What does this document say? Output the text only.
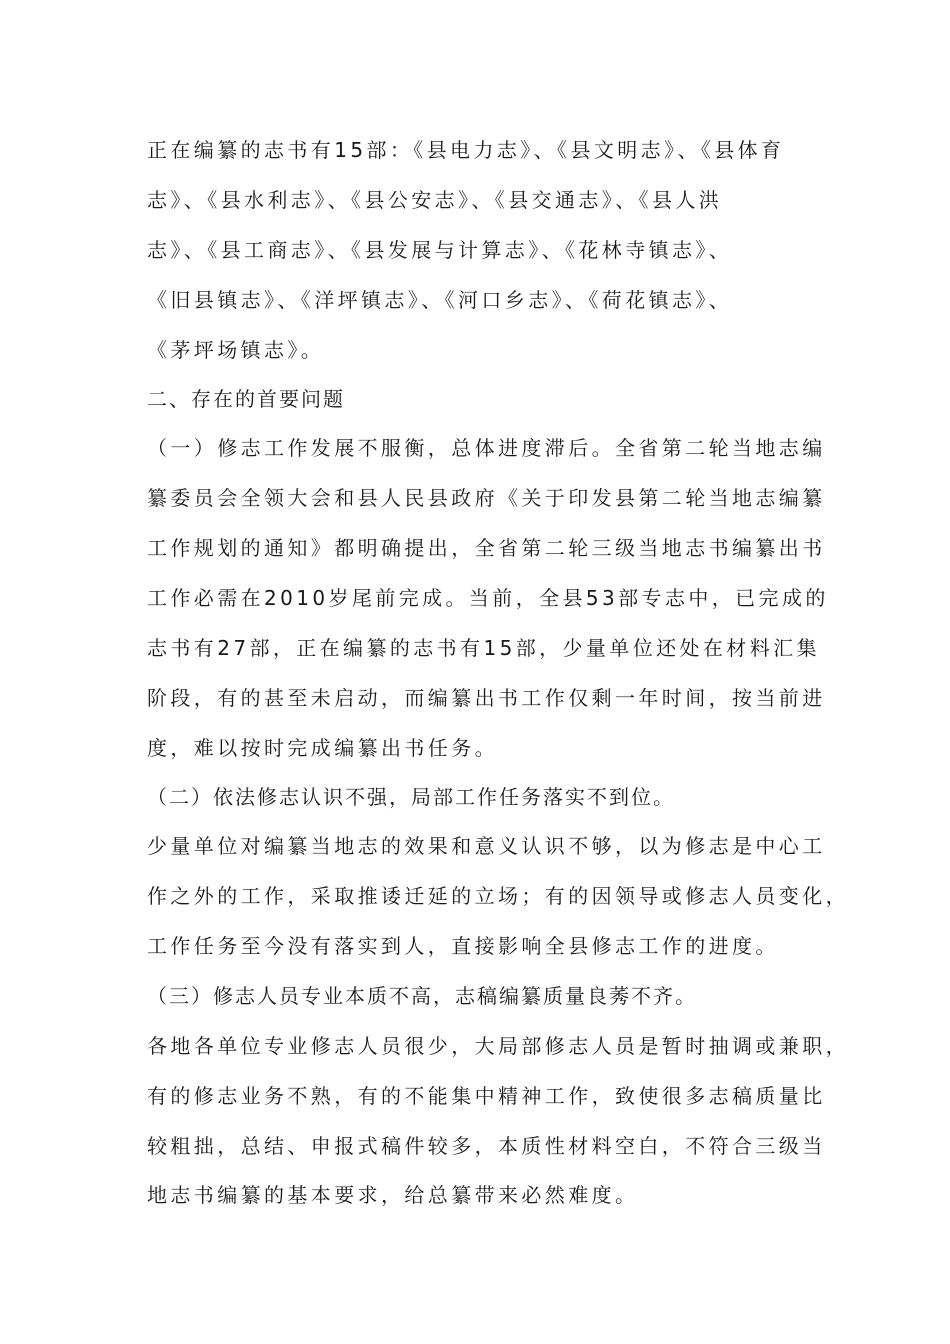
正在编纂的志书有15部：《县电力志》、《县文明志》、《县体育
志》、《县水利志》、《县公安志》、《县交通志》、《县人洪
志》、《县工商志》、《县发展与计算志》、《花林寺镇志》、
《旧县镇志》、《洋坪镇志》、《河口乡志》、《荷花镇志》、
《茅坪场镇志》。
二、存在的首要问题
（一）修志工作发展不服衡，总体进度滞后。全省第二轮当地志编
纂委员会全领大会和县人民县政府《关于印发县第二轮当地志编纂
工作规划的通知》都明确提出，全省第二轮三级当地志书编纂出书
工作必需在2010岁尾前完成。当前，全县53部专志中，已完成的
志书有27部，正在编纂的志书有15部，少量单位还处在材料汇集
阶段，有的甚至未启动，而编纂出书工作仅剩一年时间，按当前进
度，难以按时完成编纂出书任务。
（二）依法修志认识不强，局部工作任务落实不到位。
少量单位对编纂当地志的效果和意义认识不够，以为修志是中心工
作之外的工作，采取推诿迁延的立场；有的因领导或修志人员变化，
工作任务至今没有落实到人，直接影响全县修志工作的进度。
（三）修志人员专业本质不高，志稿编纂质量良莠不齐。
各地各单位专业修志人员很少，大局部修志人员是暂时抽调或兼职，
有的修志业务不熟，有的不能集中精神工作，致使很多志稿质量比
较粗拙，总结、申报式稿件较多，本质性材料空白，不符合三级当
地志书编纂的基本要求，给总纂带来必然难度。
